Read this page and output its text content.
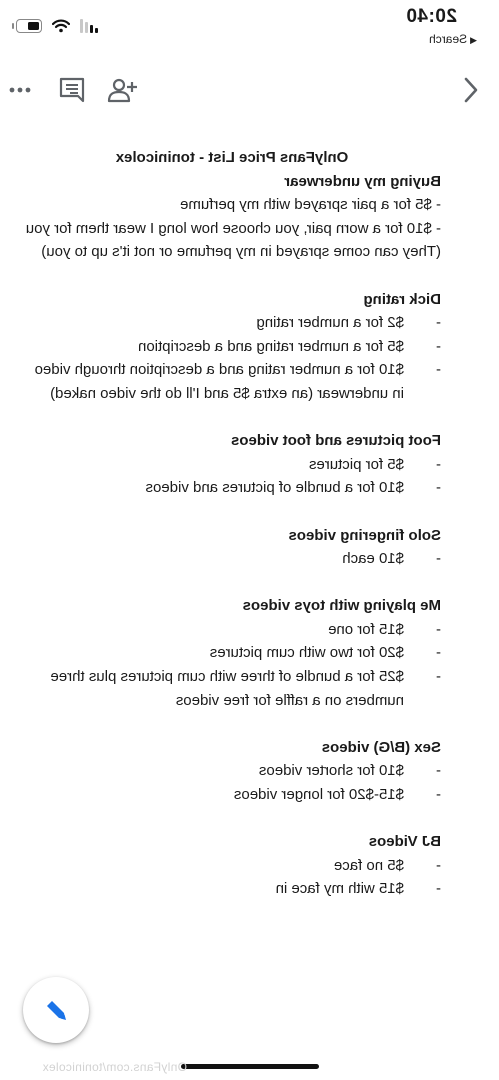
20:40
◀Search
OnlyFans Price List - toninicolex
Buying my underwear
- $5 for a pair sprayed with my perfume
- $10 for a worn pair, you choose how long I wear them for you
(They can come sprayed in my perfume or not it's up to you)
Dick rating
- $2 for a number rating
- $5 for a number rating and a description
- $10 for a number rating and a description through video in underwear (an extra $5 and I'll do the video naked)
Foot pictures and foot videos
- $5 for pictures
- $10 for a bundle of pictures and videos
Solo fingering videos
- $10 each
Me playing with toys videos
- $15 for one
- $20 for two with cum pictures
- $25 for a bundle of three with cum pictures plus three numbers on a raffle for free videos
Sex (B/G) videos
- $10 for shorter videos
- $15-$20 for longer videos
BJ Videos
- $5 no face
- $15 with my face in
OnlyFans.com/toninicolex
